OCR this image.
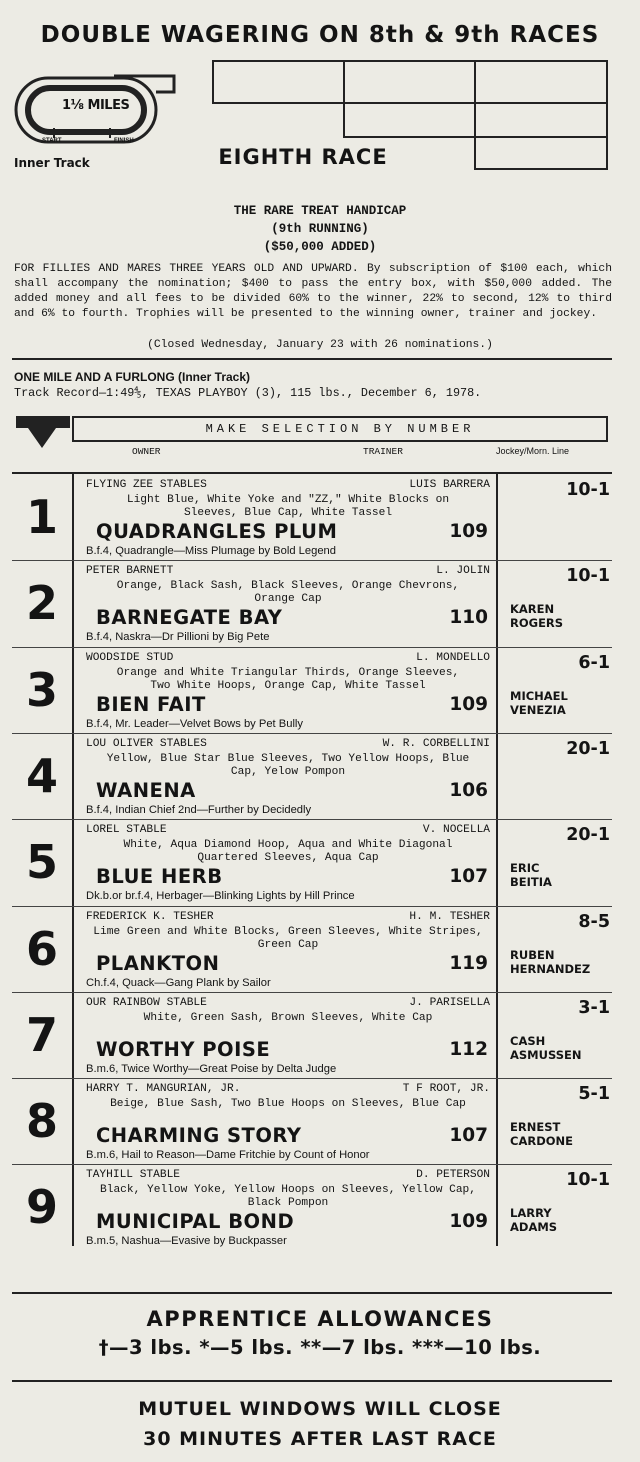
DOUBLE WAGERING ON 8th & 9th RACES
1⅛ MILES
START	FINISH
Inner Track	EIGHTH RACE
THE RARE TREAT HANDICAP
(9th RUNNING)
($50,000 ADDED)
FOR FILLIES AND MARES THREE YEARS OLD AND UPWARD. By subscription of $100 each, which shall accompany the nomination; $400 to pass the entry box, with $50,000 added. The added money and all fees to be divided 60% to the winner, 22% to second, 12% to third and 6% to fourth. Trophies will be presented to the winning owner, trainer and jockey.
(Closed Wednesday, January 23 with 26 nominations.)
ONE MILE AND A FURLONG (Inner Track)
Track Record—1:49⅘, TEXAS PLAYBOY (3), 115 lbs., December 6, 1978.
MAKE SELECTION BY NUMBER
OWNER	TRAINER	Jockey/Morn. Line
1
FLYING ZEE STABLES	LUIS BARRERA
Light Blue, White Yoke and "ZZ," White Blocks on
Sleeves, Blue Cap, White Tassel
QUADRANGLES PLUM	109
B.f.4, Quadrangle—Miss Plumage by Bold Legend
10-1
2
PETER BARNETT	L. JOLIN
Orange, Black Sash, Black Sleeves, Orange Chevrons,
Orange Cap
BARNEGATE BAY	110
B.f.4, Naskra—Dr Pillioni by Big Pete
10-1
KAREN
ROGERS
3
WOODSIDE STUD	L. MONDELLO
Orange and White Triangular Thirds, Orange Sleeves,
Two White Hoops, Orange Cap, White Tassel
BIEN FAIT	109
B.f.4, Mr. Leader—Velvet Bows by Pet Bully
6-1
MICHAEL
VENEZIA
4
LOU OLIVER STABLES	W. R. CORBELLINI
Yellow, Blue Star Blue Sleeves, Two Yellow Hoops, Blue
Cap, Yelow Pompon
WANENA	106
B.f.4, Indian Chief 2nd—Further by Decidedly
20-1
5
LOREL STABLE	V. NOCELLA
White, Aqua Diamond Hoop, Aqua and White Diagonal
Quartered Sleeves, Aqua Cap
BLUE HERB	107
Dk.b.or br.f.4, Herbager—Blinking Lights by Hill Prince
20-1
ERIC
BEITIA
6
FREDERICK K. TESHER	H. M. TESHER
Lime Green and White Blocks, Green Sleeves, White Stripes,
Green Cap
PLANKTON	119
Ch.f.4, Quack—Gang Plank by Sailor
8-5
RUBEN
HERNANDEZ
7
OUR RAINBOW STABLE	J. PARISELLA
White, Green Sash, Brown Sleeves, White Cap
WORTHY POISE	112
B.m.6, Twice Worthy—Great Poise by Delta Judge
3-1
CASH
ASMUSSEN
8
HARRY T. MANGURIAN, JR.	T F ROOT, JR.
Beige, Blue Sash, Two Blue Hoops on Sleeves, Blue Cap
CHARMING STORY	107
B.m.6, Hail to Reason—Dame Fritchie by Count of Honor
5-1
ERNEST
CARDONE
9
TAYHILL STABLE	D. PETERSON
Black, Yellow Yoke, Yellow Hoops on Sleeves, Yellow Cap,
Black Pompon
MUNICIPAL BOND	109
B.m.5, Nashua—Evasive by Buckpasser
10-1
LARRY
ADAMS
APPRENTICE ALLOWANCES
†—3 lbs. *—5 lbs. **—7 lbs. ***—10 lbs.
MUTUEL WINDOWS WILL CLOSE
30 MINUTES AFTER LAST RACE
